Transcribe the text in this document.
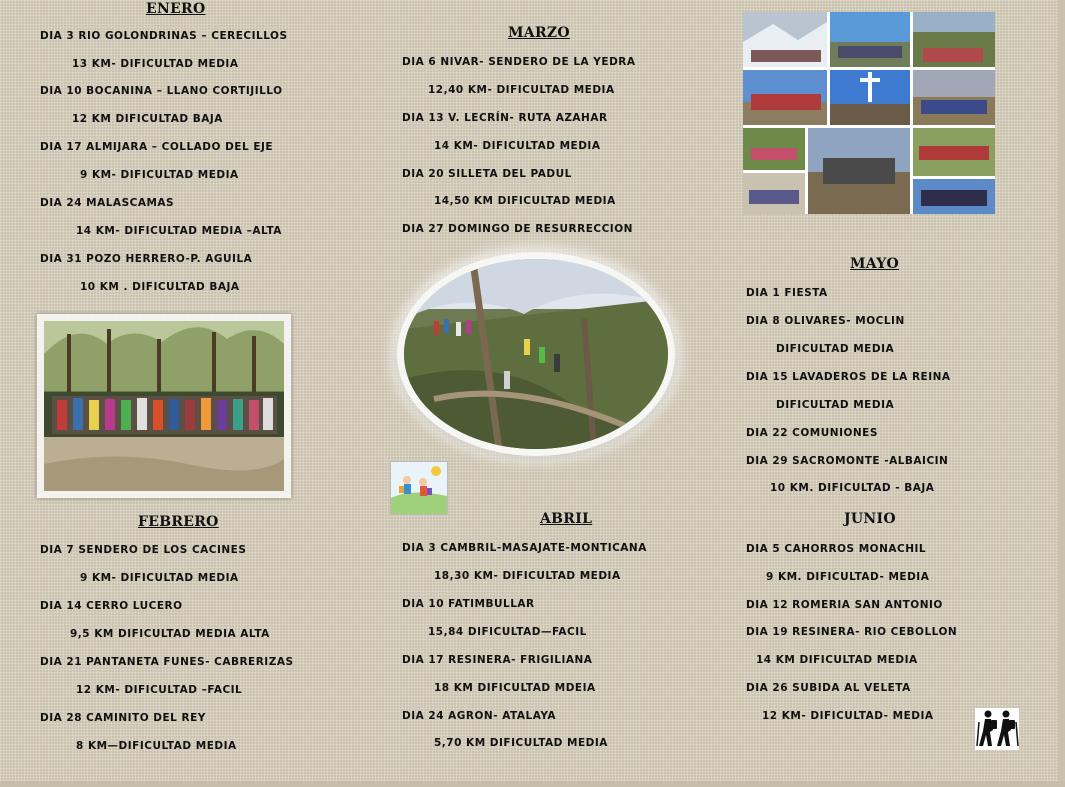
ENERO
DIA 3 RIO GOLONDRINAS – CERECILLOS
13 KM- DIFICULTAD MEDIA
DIA 10 BOCANINA – LLANO CORTIJILLO
12 KM DIFICULTAD BAJA
DIA 17 ALMIJARA – COLLADO DEL EJE
9 KM- DIFICULTAD MEDIA
DIA 24 MALASCAMAS
14 KM- DIFICULTAD MEDIA –ALTA
DIA 31 POZO HERRERO-P. AGUILA
10 KM . DIFICULTAD BAJA
FEBRERO
DIA 7 SENDERO DE LOS CACINES
9 KM- DIFICULTAD MEDIA
DIA 14 CERRO LUCERO
9,5 KM DIFICULTAD MEDIA ALTA
DIA 21 PANTANETA FUNES- CABRERIZAS
12 KM- DIFICULTAD –FACIL
DIA 28 CAMINITO DEL REY
8 KM—DIFICULTAD MEDIA
MARZO
DIA 6 NIVAR- SENDERO DE LA YEDRA
12,40 KM- DIFICULTAD MEDIA
DIA 13 V. LECRÍN- RUTA AZAHAR
14 KM- DIFICULTAD MEDIA
DIA 20 SILLETA DEL PADUL
14,50 KM DIFICULTAD MEDIA
DIA 27 DOMINGO DE RESURRECCION
ABRIL
DIA 3 CAMBRIL-MASAJATE-MONTICANA
18,30 KM- DIFICULTAD MEDIA
DIA 10 FATIMBULLAR
15,84 DIFICULTAD—FACIL
DIA 17 RESINERA- FRIGILIANA
18 KM DIFICULTAD MDEIA
DIA 24 AGRON- ATALAYA
5,70 KM DIFICULTAD MEDIA
MAYO
DIA 1 FIESTA
DIA 8 OLIVARES- MOCLIN
DIFICULTAD MEDIA
DIA 15 LAVADEROS DE LA REINA
DIFICULTAD MEDIA
DIA 22 COMUNIONES
DIA 29 SACROMONTE -ALBAICIN
10 KM. DIFICULTAD - BAJA
JUNIO
DIA 5 CAHORROS MONACHIL
9 KM. DIFICULTAD- MEDIA
DIA 12 ROMERIA SAN ANTONIO
DIA 19 RESINERA- RIO CEBOLLON
14 KM DIFICULTAD MEDIA
DIA 26 SUBIDA AL VELETA
12 KM- DIFICULTAD- MEDIA
